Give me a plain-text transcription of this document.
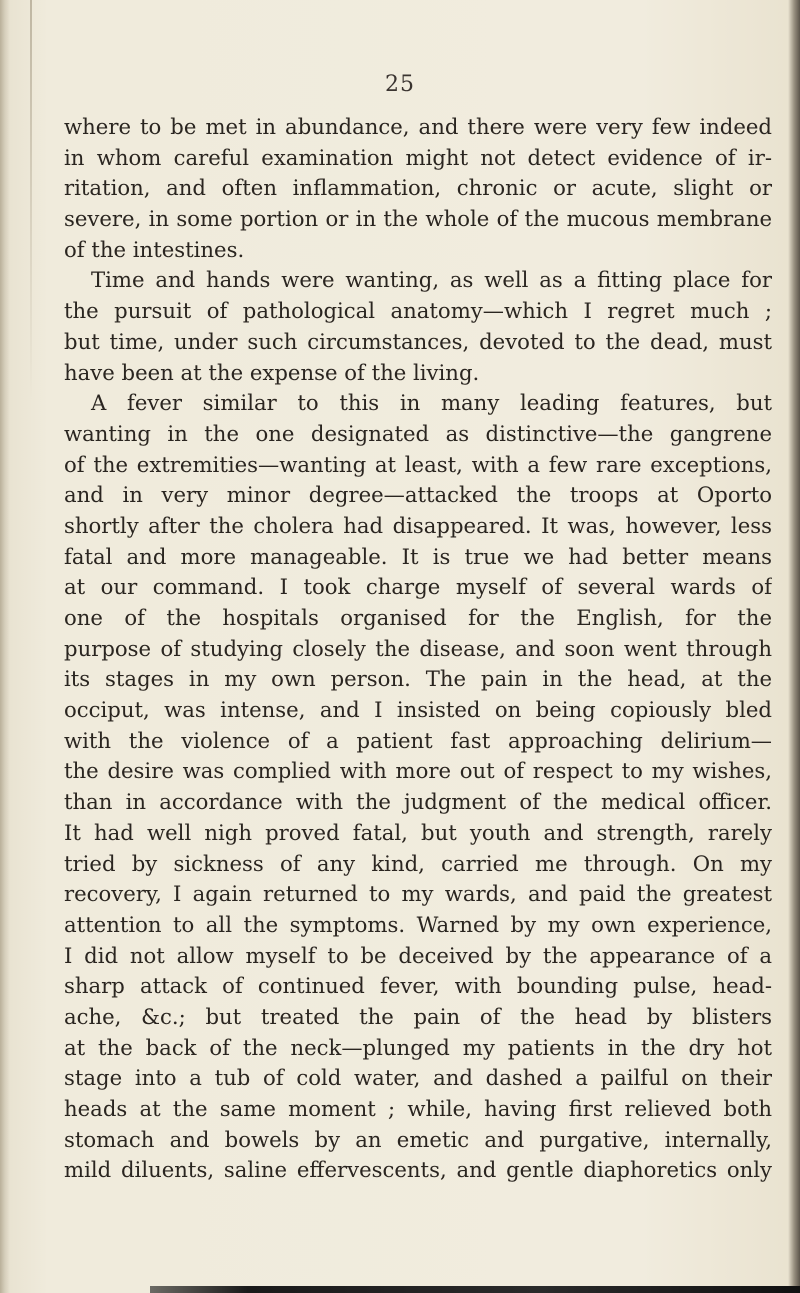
25
where to be met in abundance, and there were very few indeed
in whom careful examination might not detect evidence of ir-
ritation, and often inflammation, chronic or acute, slight or
severe, in some portion or in the whole of the mucous membrane
of the intestines.
Time and hands were wanting, as well as a fitting place for
the pursuit of pathological anatomy—which I regret much ;
but time, under such circumstances, devoted to the dead, must
have been at the expense of the living.
A fever similar to this in many leading features, but
wanting in the one designated as distinctive—the gangrene
of the extremities—wanting at least, with a few rare exceptions,
and in very minor degree—attacked the troops at Oporto
shortly after the cholera had disappeared. It was, however, less
fatal and more manageable. It is true we had better means
at our command. I took charge myself of several wards of
one of the hospitals organised for the English, for the
purpose of studying closely the disease, and soon went through
its stages in my own person. The pain in the head, at the
occiput, was intense, and I insisted on being copiously bled
with the violence of a patient fast approaching delirium—
the desire was complied with more out of respect to my wishes,
than in accordance with the judgment of the medical officer.
It had well nigh proved fatal, but youth and strength, rarely
tried by sickness of any kind, carried me through. On my
recovery, I again returned to my wards, and paid the greatest
attention to all the symptoms. Warned by my own experience,
I did not allow myself to be deceived by the appearance of a
sharp attack of continued fever, with bounding pulse, head-
ache, &c.; but treated the pain of the head by blisters
at the back of the neck—plunged my patients in the dry hot
stage into a tub of cold water, and dashed a pailful on their
heads at the same moment ; while, having first relieved both
stomach and bowels by an emetic and purgative, internally,
mild diluents, saline effervescents, and gentle diaphoretics only
